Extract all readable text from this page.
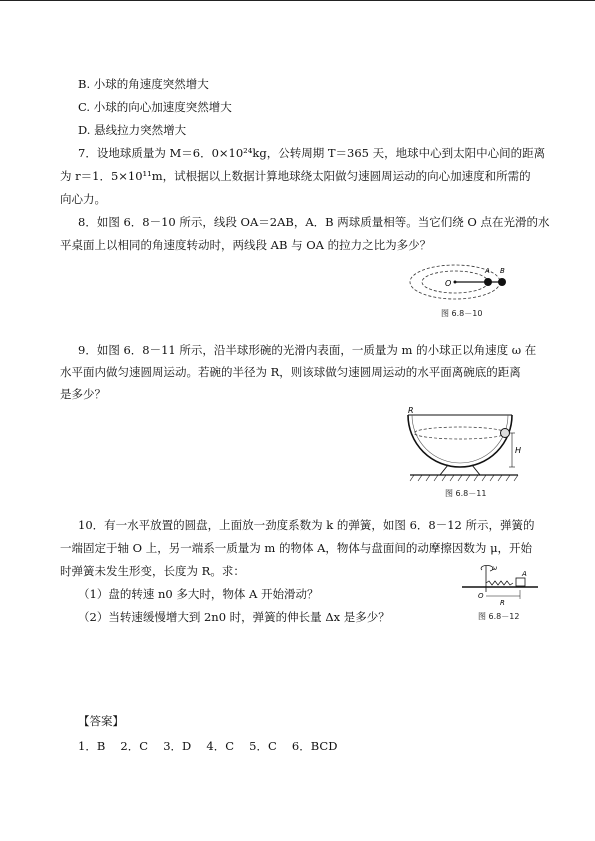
B. 小球的角速度突然增大
C. 小球的向心加速度突然增大
D. 悬线拉力突然增大
7．设地球质量为 M＝6．0×10²⁴kg，公转周期 T＝365 天，地球中心到太阳中心间的距离
为 r＝1．5×10¹¹m，试根据以上数据计算地球绕太阳做匀速圆周运动的向心加速度和所需的
向心力。
8．如图 6．8－10 所示，线段 OA＝2AB，A．B 两球质量相等。当它们绕 O 点在光滑的水
平桌面上以相同的角速度转动时，两线段 AB 与 OA 的拉力之比为多少？
O
A B
图 6.8－10
9．如图 6．8－11 所示，沿半球形碗的光滑内表面，一质量为 m 的小球正以角速度 ω 在
水平面内做匀速圆周运动。若碗的半径为 R，则该球做匀速圆周运动的水平面离碗底的距离
是多少？
R
H
图 6.8－11
10．有一水平放置的圆盘，上面放一劲度系数为 k 的弹簧，如图 6．8－12 所示，弹簧的
一端固定于轴 O 上，另一端系一质量为 m 的物体 A，物体与盘面间的动摩擦因数为 μ，开始
时弹簧未发生形变，长度为 R。求：
（1）盘的转速 n0 多大时，物体 A 开始滑动？
（2）当转速缓慢增大到 2n0 时，弹簧的伸长量 Δx 是多少？
ω
A
O
R
图 6.8－12
【答案】
1．B　 2．C　 3．D　 4．C　 5．C　 6．BCD
